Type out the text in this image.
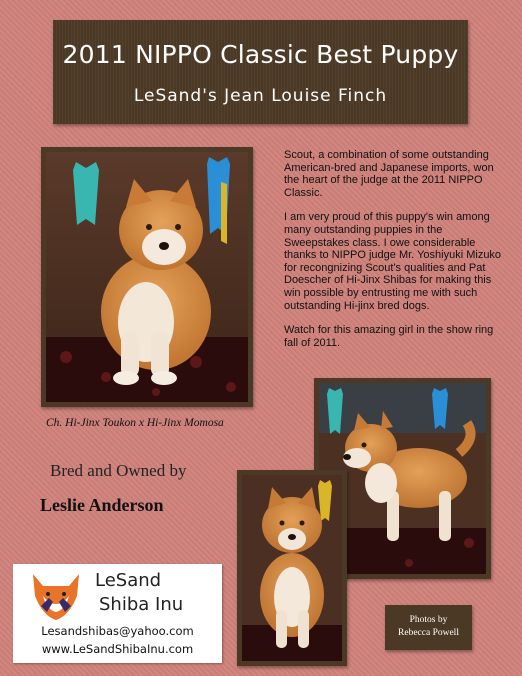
2011 NIPPO Classic Best Puppy
LeSand's Jean Louise Finch
Ch. Hi-Jinx Toukon x Hi-Jinx Momosa

Scout, a combination of some outstanding American-bred and Japanese imports, won the heart of the judge at the 2011 NIPPO Classic.

I am very proud of this puppy's win among many outstanding puppies in the Sweepstakes class. I owe considerable thanks to NIPPO judge Mr. Yoshiyuki Mizuko for recongnizing Scout's qualities and Pat Doescher of Hi-Jinx Shibas for making this win possible by entrusting me with such outstanding Hi-jinx bred dogs.

Watch for this amazing girl in the show ring fall of 2011.

Bred and Owned by
Leslie Anderson
LeSand
Shiba Inu
Lesandshibas@yahoo.com
www.LeSandShibaInu.com
Photos by
Rebecca Powell
